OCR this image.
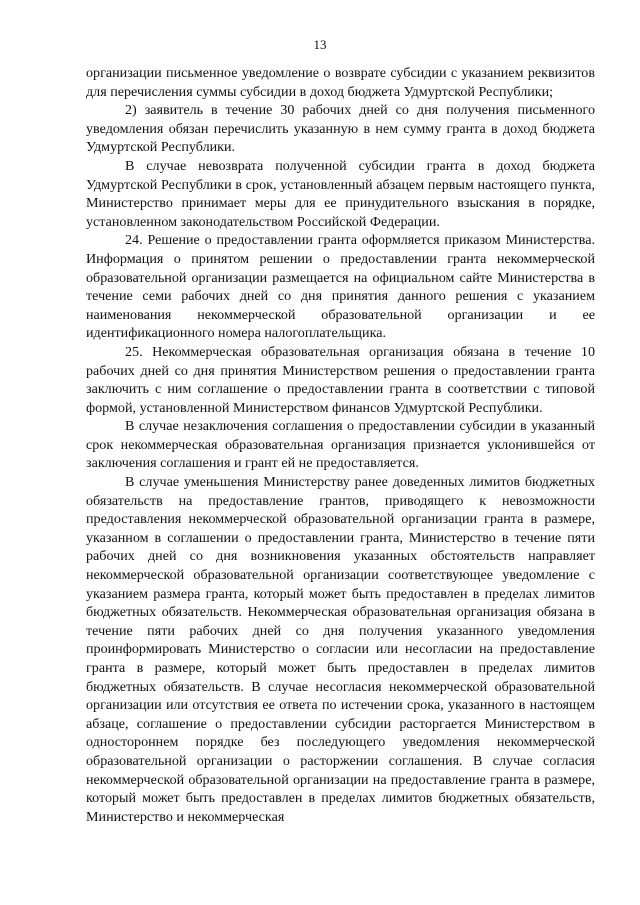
13

организации письменное уведомление о возврате субсидии с указанием реквизитов для перечисления суммы субсидии в доход бюджета Удмуртской Республики;

2) заявитель в течение 30 рабочих дней со дня получения письменного уведомления обязан перечислить указанную в нем сумму гранта в доход бюджета Удмуртской Республики.

В случае невозврата полученной субсидии гранта в доход бюджета Удмуртской Республики в срок, установленный абзацем первым настоящего пункта, Министерство принимает меры для ее принудительного взыскания в порядке, установленном законодательством Российской Федерации.

24. Решение о предоставлении гранта оформляется приказом Министерства. Информация о принятом решении о предоставлении гранта некоммерческой образовательной организации размещается на официальном сайте Министерства в течение семи рабочих дней со дня принятия данного решения с указанием наименования некоммерческой образовательной организации и ее идентификационного номера налогоплательщика.

25. Некоммерческая образовательная организация обязана в течение 10 рабочих дней со дня принятия Министерством решения о предоставлении гранта заключить с ним соглашение о предоставлении гранта в соответствии с типовой формой, установленной Министерством финансов Удмуртской Республики.

В случае незаключения соглашения о предоставлении субсидии в указанный срок некоммерческая образовательная организация признается уклонившейся от заключения соглашения и грант ей не предоставляется.

В случае уменьшения Министерству ранее доведенных лимитов бюджетных обязательств на предоставление грантов, приводящего к невозможности предоставления некоммерческой образовательной организации гранта в размере, указанном в соглашении о предоставлении гранта, Министерство в течение пяти рабочих дней со дня возникновения указанных обстоятельств направляет некоммерческой образовательной организации соответствующее уведомление с указанием размера гранта, который может быть предоставлен в пределах лимитов бюджетных обязательств. Некоммерческая образовательная организация обязана в течение пяти рабочих дней со дня получения указанного уведомления проинформировать Министерство о согласии или несогласии на предоставление гранта в размере, который может быть предоставлен в пределах лимитов бюджетных обязательств. В случае несогласия некоммерческой образовательной организации или отсутствия ее ответа по истечении срока, указанного в настоящем абзаце, соглашение о предоставлении субсидии расторгается Министерством в одностороннем порядке без последующего уведомления некоммерческой образовательной организации о расторжении соглашения. В случае согласия некоммерческой образовательной организации на предоставление гранта в размере, который может быть предоставлен в пределах лимитов бюджетных обязательств, Министерство и некоммерческая
